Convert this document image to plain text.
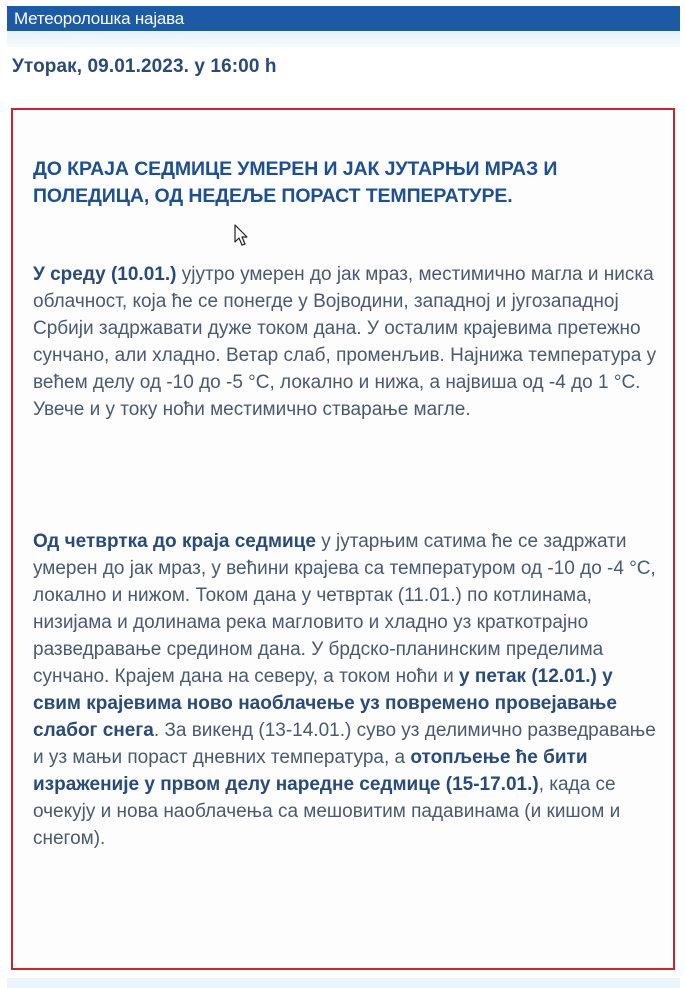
Метеоролошка најава
Уторак, 09.01.2023. у 16:00 h
ДО КРАЈА СЕДМИЦЕ УМЕРЕН И ЈАК ЈУТАРЊИ МРАЗ И ПОЛЕДИЦА, ОД НЕДЕЉЕ ПОРАСТ ТЕМПЕРАТУРЕ.
У среду (10.01.) ујутро умерен до јак мраз, местимично магла и ниска облачност, која ће се понегде у Војводини, западној и југозападној Србији задржавати дуже током дана. У осталим крајевима претежно сунчано, али хладно. Ветар слаб, променљив. Најнижа температура у већем делу од -10 до -5 °C, локално и нижа, а највиша од -4 до 1 °C. Увече и у току ноћи местимично стварање магле.
Од четвртка до краја седмице у јутарњим сатима ће се задржати умерен до јак мраз, у већини крајева са температуром од -10 до -4 °C, локално и нижом. Током дана у четвртак (11.01.) по котлинама, низијама и долинама река магловито и хладно уз краткотрајно разведравање средином дана. У брдско-планинским пределима сунчано. Крајем дана на северу, а током ноћи и у петак (12.01.) у свим крајевима ново наоблачење уз повремено провејавање слабог снега. За викенд (13-14.01.) суво уз делимично разведравање и уз мањи пораст дневних температура, а отопљење ће бити израженије у првом делу наредне седмице (15-17.01.), када се очекују и нова наоблачења са мешовитим падавинама (и кишом и снегом).
